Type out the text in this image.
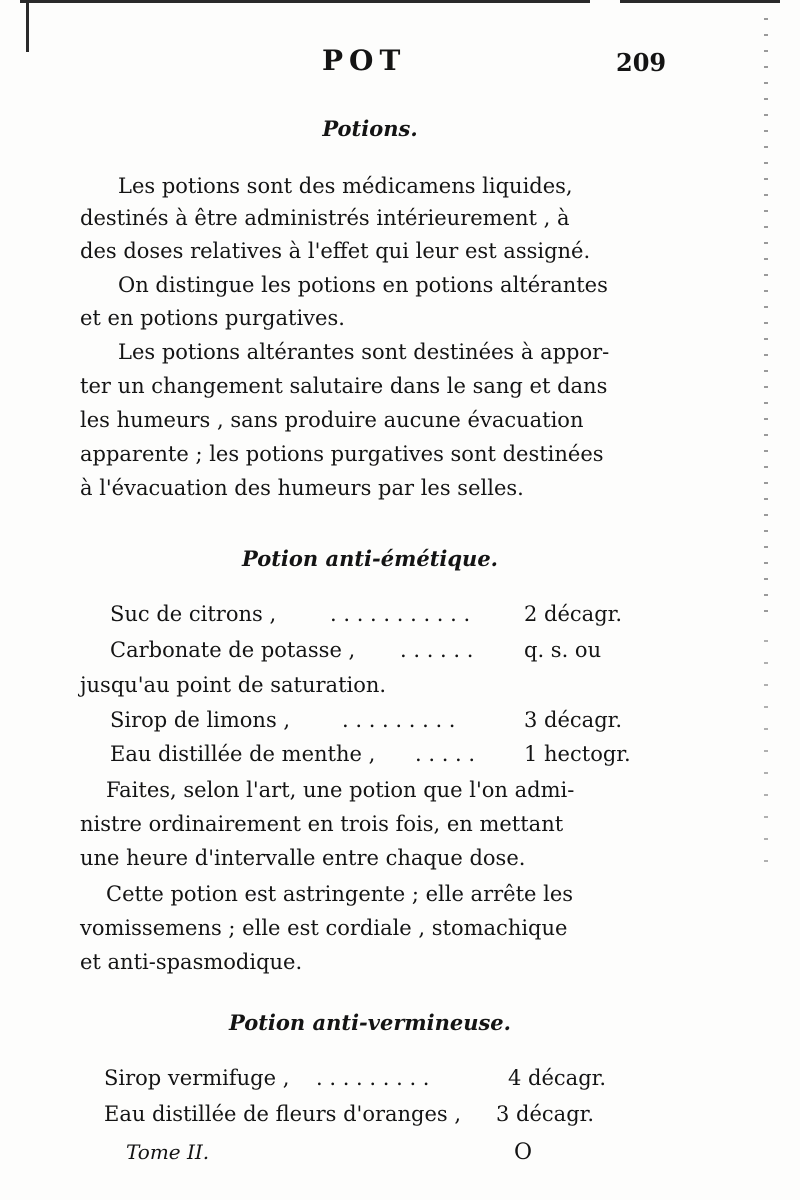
POT	209
Potions.
Les potions sont des médicamens liquides,
destinés à être administrés intérieurement , à
des doses relatives à l'effet qui leur est assigné.
On distingue les potions en potions altérantes
et en potions purgatives.
Les potions altérantes sont destinées à appor-
ter un changement salutaire dans le sang et dans
les humeurs , sans produire aucune évacuation
apparente ; les potions purgatives sont destinées
à l'évacuation des humeurs par les selles.
Potion anti-émétique.
Suc de citrons ,	. . . . . . . . . . .	2 décagr.
Carbonate de potasse , . . . . . . q. s. ou
jusqu'au point de saturation.
Sirop de limons , . . . . . . . . .	3 décagr.
Eau distillée de menthe , . . . . . 1 hectogr.
Faites, selon l'art, une potion que l'on admi-
nistre ordinairement en trois fois, en mettant
une heure d'intervalle entre chaque dose.
Cette potion est astringente ; elle arrête les
vomissemens ; elle est cordiale , stomachique
et anti-spasmodique.
Potion anti-vermineuse.
Sirop vermifuge , . . . . . . . . .	4 décagr.
Eau distillée de fleurs d'oranges , 3 décagr.
Tome II.	O
